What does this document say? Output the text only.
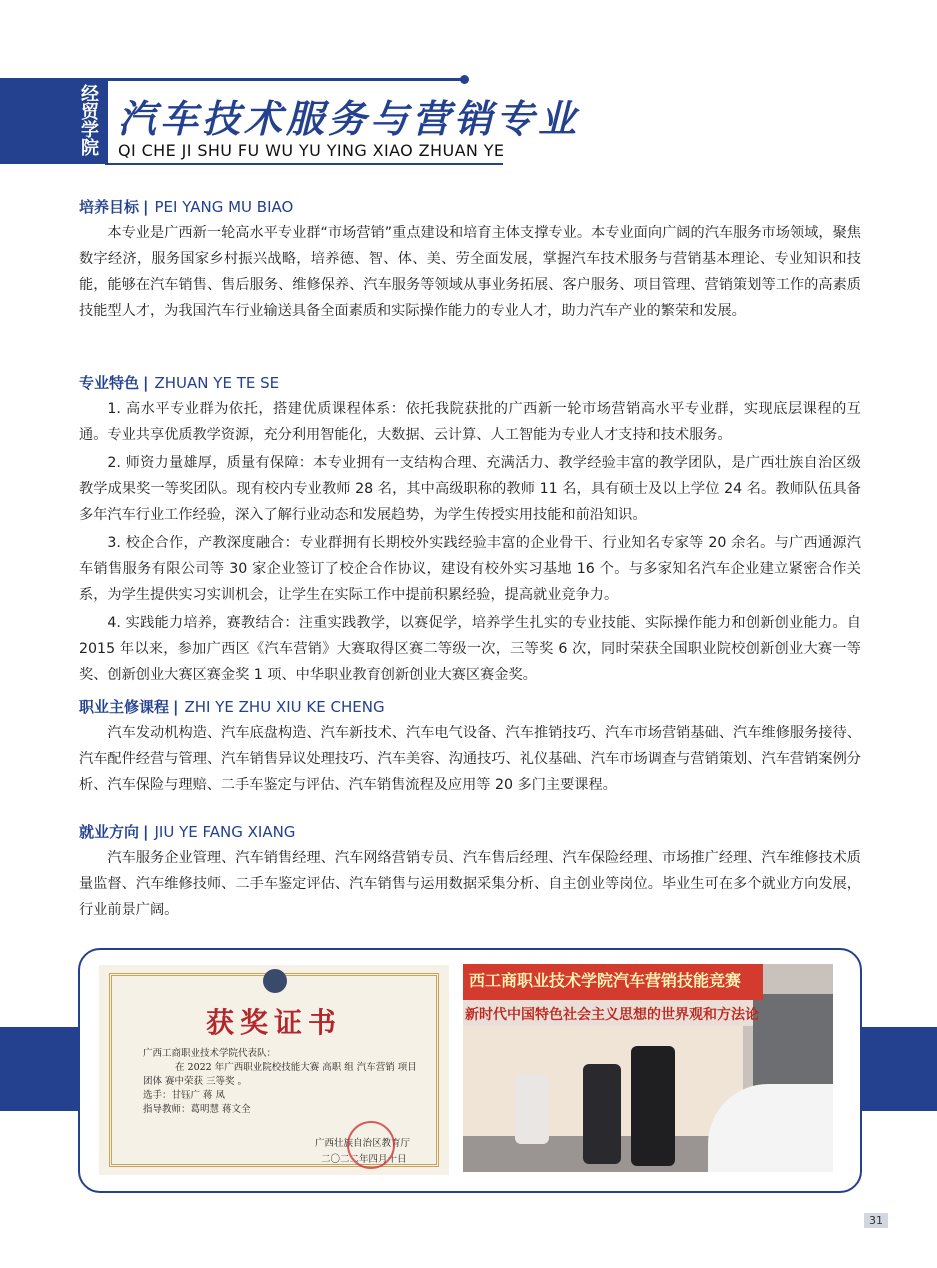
经贸学院 汽车技术服务与营销专业
QI CHE JI SHU FU WU YU YING XIAO ZHUAN YE
培养目标 | PEI YANG MU BIAO

本专业是广西新一轮高水平专业群“市场营销”重点建设和培育主体支撑专业。本专业面向广阔的汽车服务市场领域，聚焦数字经济，服务国家乡村振兴战略，培养德、智、体、美、劳全面发展，掌握汽车技术服务与营销基本理论、专业知识和技能，能够在汽车销售、售后服务、维修保养、汽车服务等领域从事业务拓展、客户服务、项目管理、营销策划等工作的高素质技能型人才，为我国汽车行业输送具备全面素质和实际操作能力的专业人才，助力汽车产业的繁荣和发展。

专业特色 | ZHUAN YE TE SE

1. 高水平专业群为依托，搭建优质课程体系：依托我院获批的广西新一轮市场营销高水平专业群，实现底层课程的互通。专业共享优质教学资源，充分利用智能化，大数据、云计算、人工智能为专业人才支持和技术服务。

2. 师资力量雄厚，质量有保障：本专业拥有一支结构合理、充满活力、教学经验丰富的教学团队，是广西壮族自治区级教学成果奖一等奖团队。现有校内专业教师 28 名，其中高级职称的教师 11 名，具有硕士及以上学位 24 名。教师队伍具备多年汽车行业工作经验，深入了解行业动态和发展趋势，为学生传授实用技能和前沿知识。

3. 校企合作，产教深度融合：专业群拥有长期校外实践经验丰富的企业骨干、行业知名专家等 20 余名。与广西通源汽车销售服务有限公司等 30 家企业签订了校企合作协议，建设有校外实习基地 16 个。与多家知名汽车企业建立紧密合作关系，为学生提供实习实训机会，让学生在实际工作中提前积累经验，提高就业竞争力。

4. 实践能力培养，赛教结合：注重实践教学，以赛促学，培养学生扎实的专业技能、实际操作能力和创新创业能力。自 2015 年以来，参加广西区《汽车营销》大赛取得区赛二等级一次，三等奖 6 次，同时荣获全国职业院校创新创业大赛一等奖、创新创业大赛区赛金奖 1 项、中华职业教育创新创业大赛区赛金奖。

职业主修课程 | ZHI YE ZHU XIU KE CHENG

汽车发动机构造、汽车底盘构造、汽车新技术、汽车电气设备、汽车推销技巧、汽车市场营销基础、汽车维修服务接待、汽车配件经营与管理、汽车销售异议处理技巧、汽车美容、沟通技巧、礼仪基础、汽车市场调查与营销策划、汽车营销案例分析、汽车保险与理赔、二手车鉴定与评估、汽车销售流程及应用等 20 多门主要课程。

就业方向 | JIU YE FANG XIANG

汽车服务企业管理、汽车销售经理、汽车网络营销专员、汽车售后经理、汽车保险经理、市场推广经理、汽车维修技术质量监督、汽车维修技师、二手车鉴定评估、汽车销售与运用数据采集分析、自主创业等岗位。毕业生可在多个就业方向发展，行业前景广阔。

获奖证书
广西工商职业技术学院代表队：
在 2022 年广西职业院校技能大赛 高职 组 汽车营销 项目
团体 赛中荣获 三等奖 。
选手：甘钰广 蒋 凤
指导教师：葛明慧 蒋文全
广西壮族自治区教育厅
二〇二二年四月十日
西工商职业技术学院汽车营销技能竞赛
新时代中国特色社会主义思想的世界观和方法论
31
